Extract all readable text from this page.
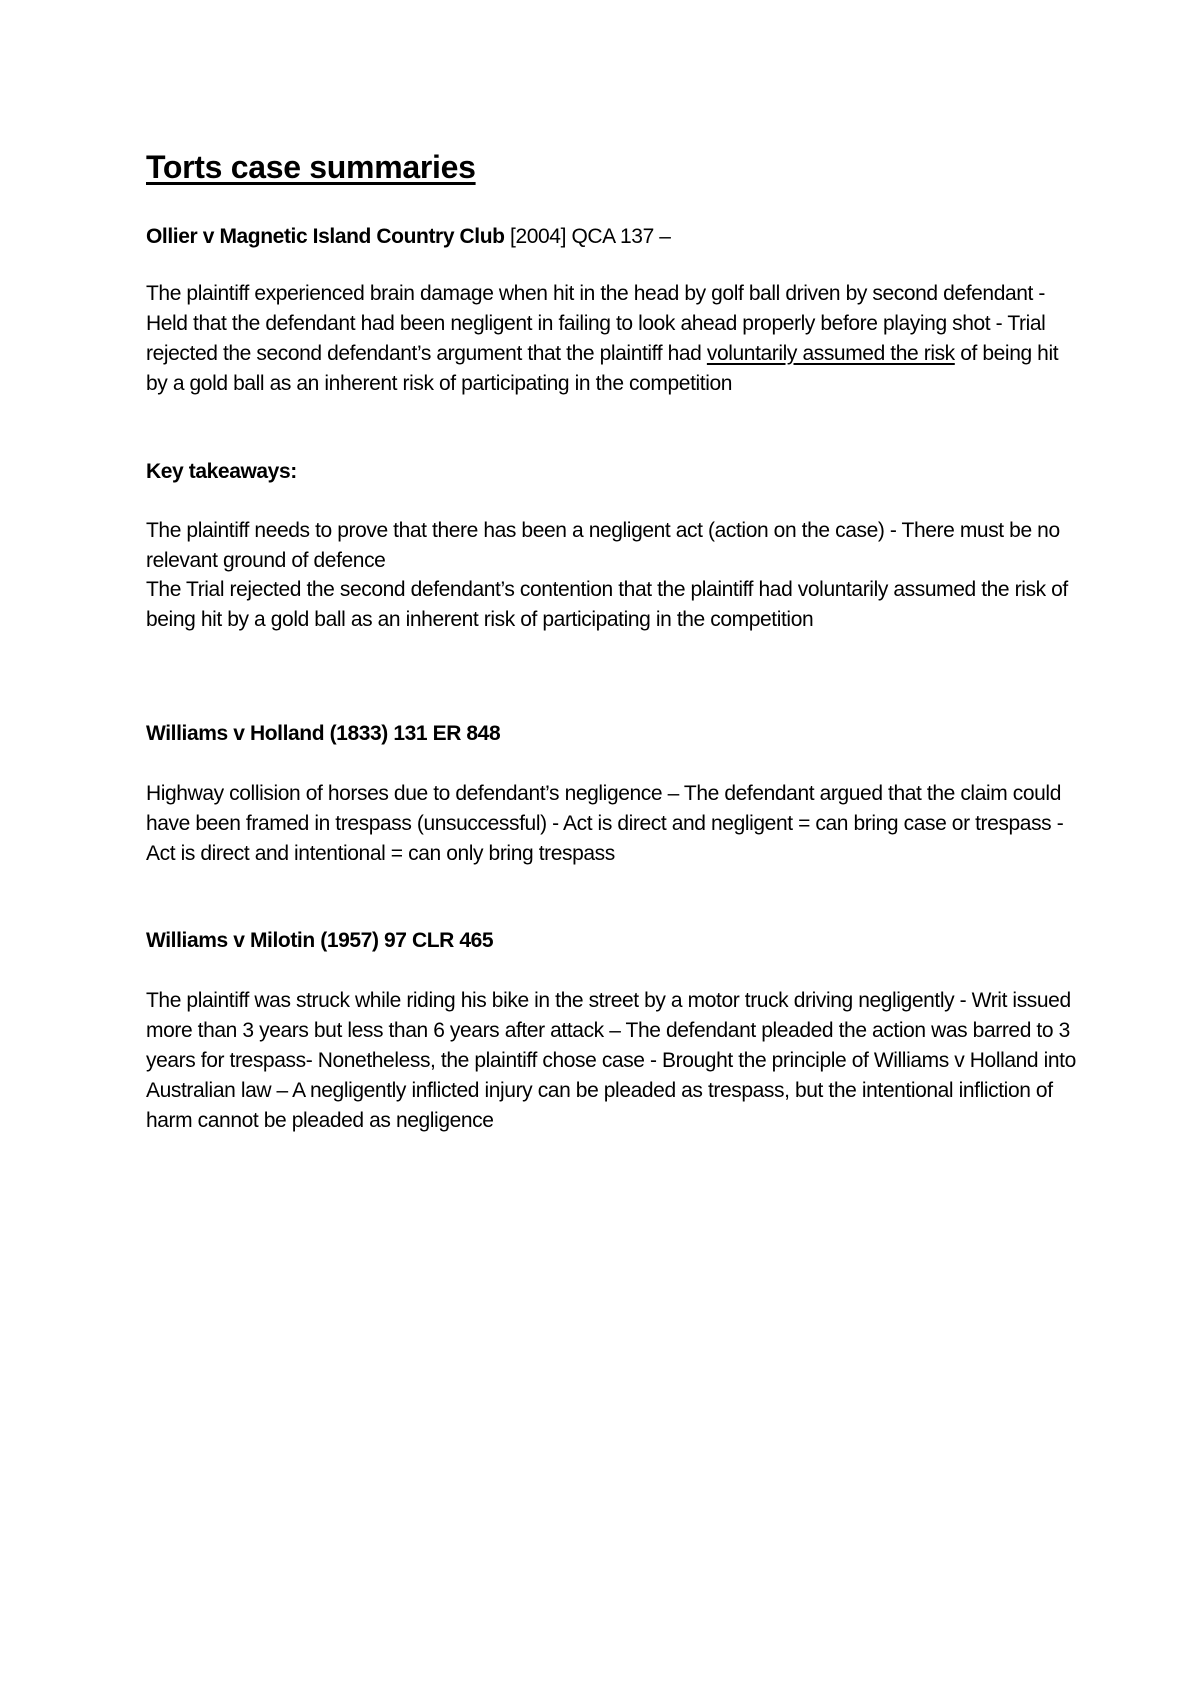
Torts case summaries

Ollier v Magnetic Island Country Club [2004] QCA 137 –

The plaintiff experienced brain damage when hit in the head by golf ball driven by second defendant - Held that the defendant had been negligent in failing to look ahead properly before playing shot - Trial rejected the second defendant’s argument that the plaintiff had voluntarily assumed the risk of being hit by a gold ball as an inherent risk of participating in the competition

Key takeaways:

The plaintiff needs to prove that there has been a negligent act (action on the case) - There must be no relevant ground of defence

The Trial rejected the second defendant’s contention that the plaintiff had voluntarily assumed the risk of being hit by a gold ball as an inherent risk of participating in the competition

Williams v Holland (1833) 131 ER 848

Highway collision of horses due to defendant’s negligence – The defendant argued that the claim could have been framed in trespass (unsuccessful) - Act is direct and negligent = can bring case or trespass - Act is direct and intentional = can only bring trespass

Williams v Milotin (1957) 97 CLR 465

The plaintiff was struck while riding his bike in the street by a motor truck driving negligently - Writ issued more than 3 years but less than 6 years after attack – The defendant pleaded the action was barred to 3 years for trespass- Nonetheless, the plaintiff chose case - Brought the principle of Williams v Holland into Australian law – A negligently inflicted injury can be pleaded as trespass, but the intentional infliction of harm cannot be pleaded as negligence
